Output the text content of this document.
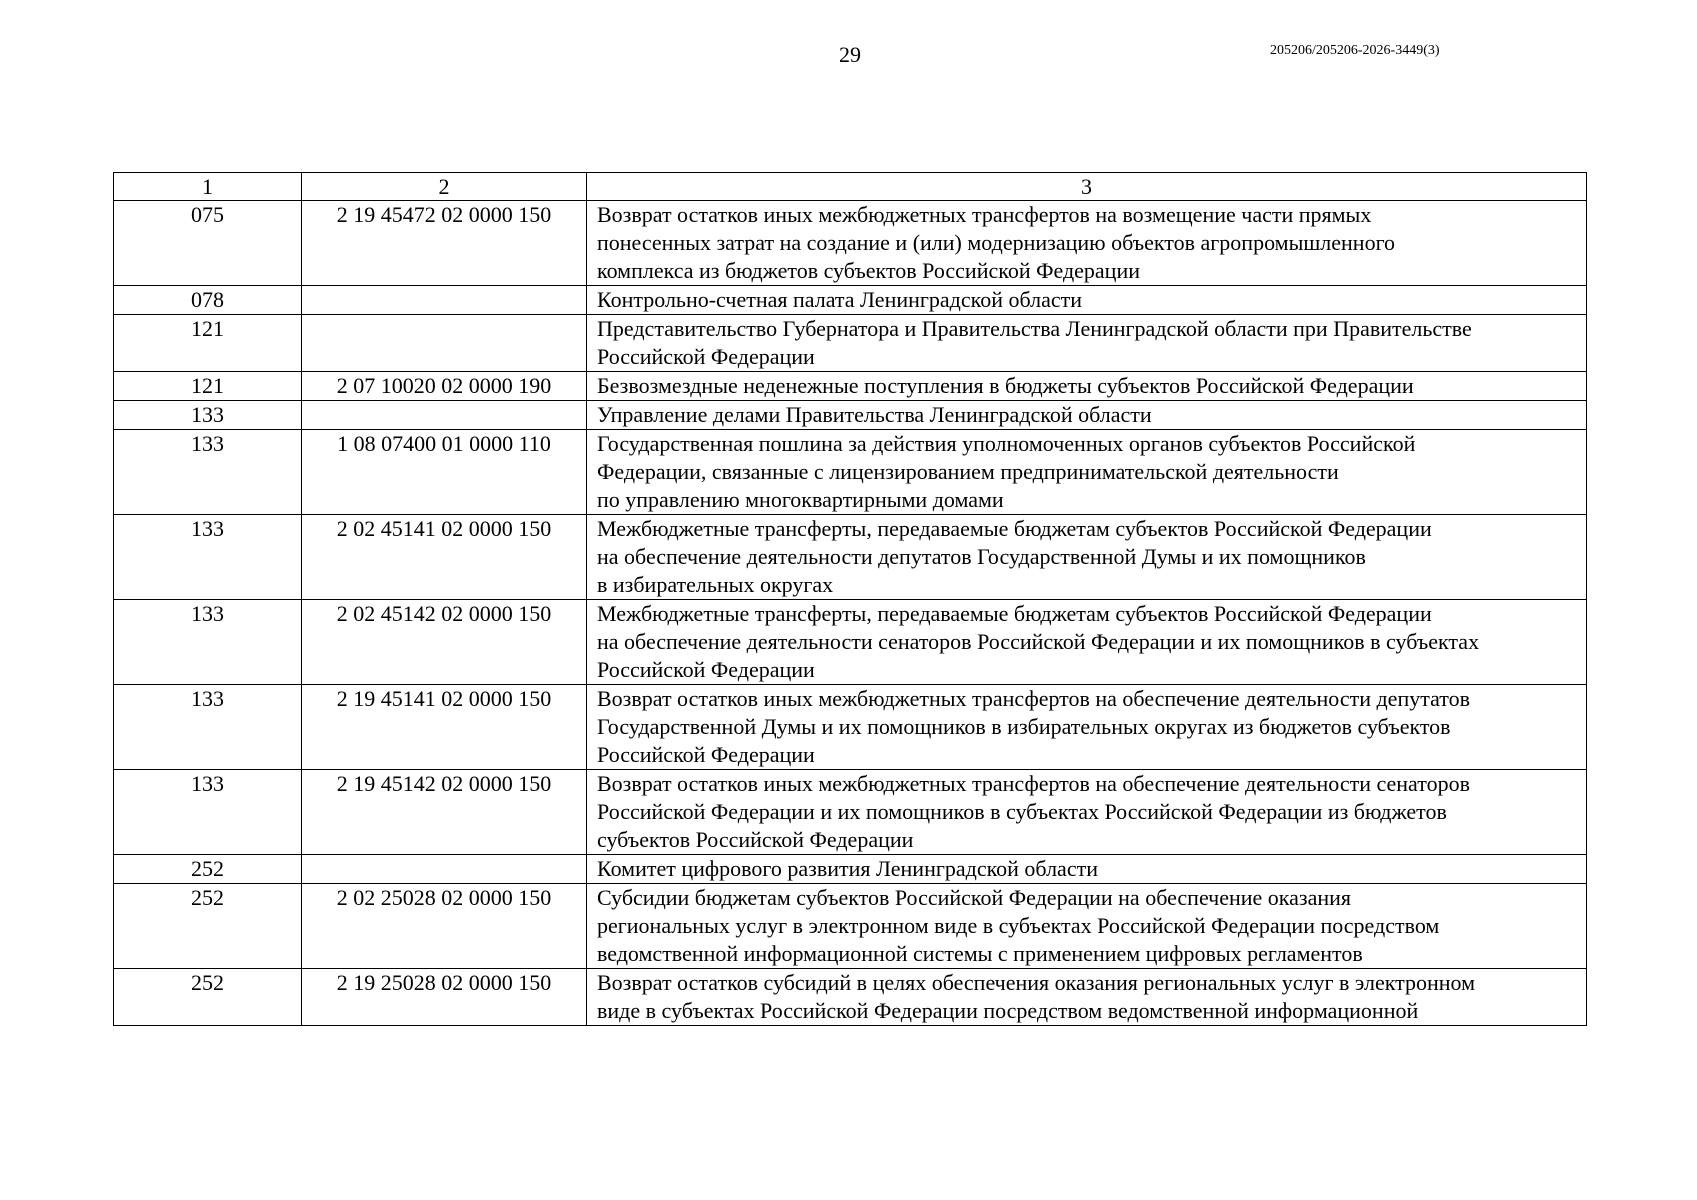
29	205206/205206-2026-3449(3)
1	2	3
075	2 19 45472 02 0000 150	Возврат остатков иных межбюджетных трансфертов на возмещение части прямых
понесенных затрат на создание и (или) модернизацию объектов агропромышленного
комплекса из бюджетов субъектов Российской Федерации
078		Контрольно-счетная палата Ленинградской области
121		Представительство Губернатора и Правительства Ленинградской области при Правительстве
Российской Федерации
121	2 07 10020 02 0000 190	Безвозмездные неденежные поступления в бюджеты субъектов Российской Федерации
133		Управление делами Правительства Ленинградской области
133	1 08 07400 01 0000 110	Государственная пошлина за действия уполномоченных органов субъектов Российской
Федерации, связанные с лицензированием предпринимательской деятельности
по управлению многоквартирными домами
133	2 02 45141 02 0000 150	Межбюджетные трансферты, передаваемые бюджетам субъектов Российской Федерации
на обеспечение деятельности депутатов Государственной Думы и их помощников
в избирательных округах
133	2 02 45142 02 0000 150	Межбюджетные трансферты, передаваемые бюджетам субъектов Российской Федерации
на обеспечение деятельности сенаторов Российской Федерации и их помощников в субъектах
Российской Федерации
133	2 19 45141 02 0000 150	Возврат остатков иных межбюджетных трансфертов на обеспечение деятельности депутатов
Государственной Думы и их помощников в избирательных округах из бюджетов субъектов
Российской Федерации
133	2 19 45142 02 0000 150	Возврат остатков иных межбюджетных трансфертов на обеспечение деятельности сенаторов
Российской Федерации и их помощников в субъектах Российской Федерации из бюджетов
субъектов Российской Федерации
252		Комитет цифрового развития Ленинградской области
252	2 02 25028 02 0000 150	Субсидии бюджетам субъектов Российской Федерации на обеспечение оказания
региональных услуг в электронном виде в субъектах Российской Федерации посредством
ведомственной информационной системы с применением цифровых регламентов
252	2 19 25028 02 0000 150	Возврат остатков субсидий в целях обеспечения оказания региональных услуг в электронном
виде в субъектах Российской Федерации посредством ведомственной информационной
